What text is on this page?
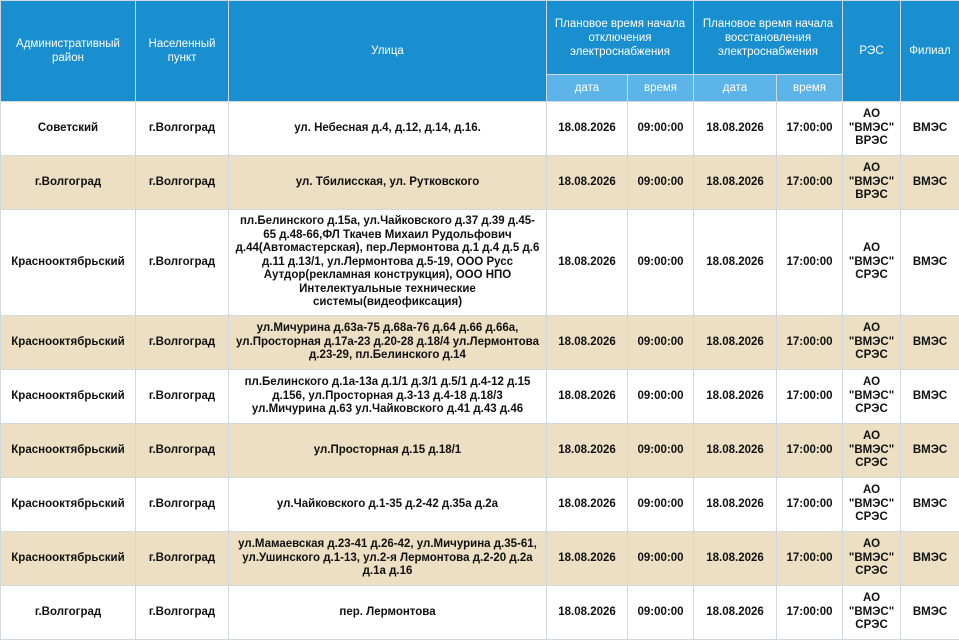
Административный район	Населенный пункт	Улица	Плановое время начала отключения электроснабжения		Плановое время начала восстановления электроснабжения		РЭС	Филиал
			дата	время	дата	время		
Советский	г.Волгоград	ул. Небесная д.4, д.12, д.14, д.16.	18.08.2026	09:00:00	18.08.2026	17:00:00	АО "ВМЭС" ВРЭС	ВМЭС
г.Волгоград	г.Волгоград	ул. Тбилисская, ул. Рутковского	18.08.2026	09:00:00	18.08.2026	17:00:00	АО "ВМЭС" ВРЭС	ВМЭС
Краснооктябрьский	г.Волгоград	пл.Белинского д.15а, ул.Чайковского д.37 д.39 д.45-65 д.48-66,ФЛ Ткачев Михаил Рудольфович д.44(Автомастерская), пер.Лермонтова д.1 д.4 д.5 д.6 д.11 д.13/1, ул.Лермонтова д.5-19, ООО Русс Аутдор(рекламная конструкция), ООО НПО Интелектуальные технические системы(видеофиксация)	18.08.2026	09:00:00	18.08.2026	17:00:00	АО "ВМЭС" СРЭС	ВМЭС
Краснооктябрьский	г.Волгоград	ул.Мичурина д.63а-75 д.68а-76 д.64 д.66 д.66а, ул.Просторная д.17а-23 д.20-28 д.18/4 ул.Лермонтова д.23-29, пл.Белинского д.14	18.08.2026	09:00:00	18.08.2026	17:00:00	АО "ВМЭС" СРЭС	ВМЭС
Краснооктябрьский	г.Волгоград	пл.Белинского д.1а-13а д.1/1 д.3/1 д.5/1 д.4-12 д.15 д.156, ул.Просторная д.3-13 д.4-18 д.18/3 ул.Мичурина д.63 ул.Чайковского д.41 д.43 д.46	18.08.2026	09:00:00	18.08.2026	17:00:00	АО "ВМЭС" СРЭС	ВМЭС
Краснооктябрьский	г.Волгоград	ул.Просторная д.15 д.18/1	18.08.2026	09:00:00	18.08.2026	17:00:00	АО "ВМЭС" СРЭС	ВМЭС
Краснооктябрьский	г.Волгоград	ул.Чайковского д.1-35 д.2-42 д.35а д.2а	18.08.2026	09:00:00	18.08.2026	17:00:00	АО "ВМЭС" СРЭС	ВМЭС
Краснооктябрьский	г.Волгоград	ул.Мамаевская д.23-41 д.26-42, ул.Мичурина д.35-61, ул.Ушинского д.1-13, ул.2-я Лермонтова д.2-20 д.2а д.1а д.16	18.08.2026	09:00:00	18.08.2026	17:00:00	АО "ВМЭС" СРЭС	ВМЭС
г.Волгоград	г.Волгоград	пер. Лермонтова	18.08.2026	09:00:00	18.08.2026	17:00:00	АО "ВМЭС" СРЭС	ВМЭС
